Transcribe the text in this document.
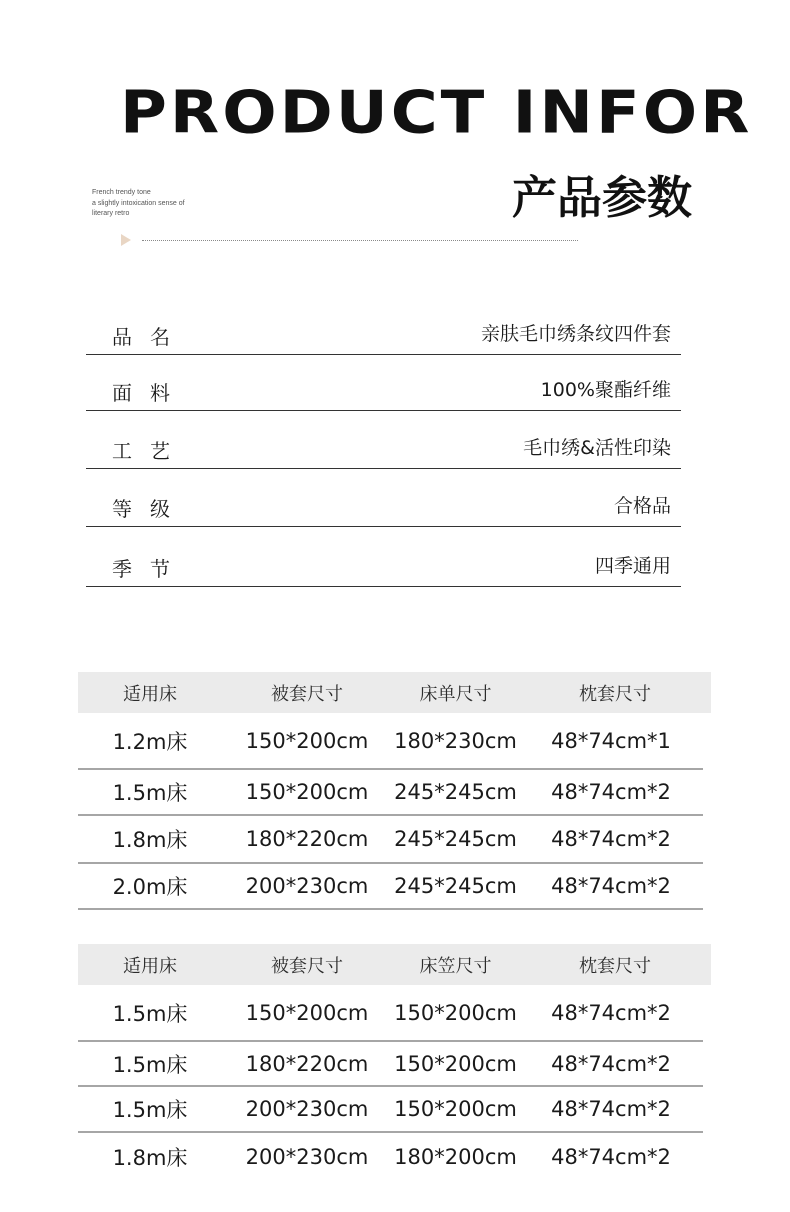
PRODUCT INFOR
产品参数
French trendy tone
a slightly intoxication sense of
literary retro
品名	亲肤毛巾绣条纹四件套
面料	100%聚酯纤维
工艺	毛巾绣&活性印染
等级	合格品
季节	四季通用
适用床	被套尺寸	床单尺寸	枕套尺寸
1.2m床	150*200cm	180*230cm	48*74cm*1
1.5m床	150*200cm	245*245cm	48*74cm*2
1.8m床	180*220cm	245*245cm	48*74cm*2
2.0m床	200*230cm	245*245cm	48*74cm*2
适用床	被套尺寸	床笠尺寸	枕套尺寸
1.5m床	150*200cm	150*200cm	48*74cm*2
1.5m床	180*220cm	150*200cm	48*74cm*2
1.5m床	200*230cm	150*200cm	48*74cm*2
1.8m床	200*230cm	180*200cm	48*74cm*2
